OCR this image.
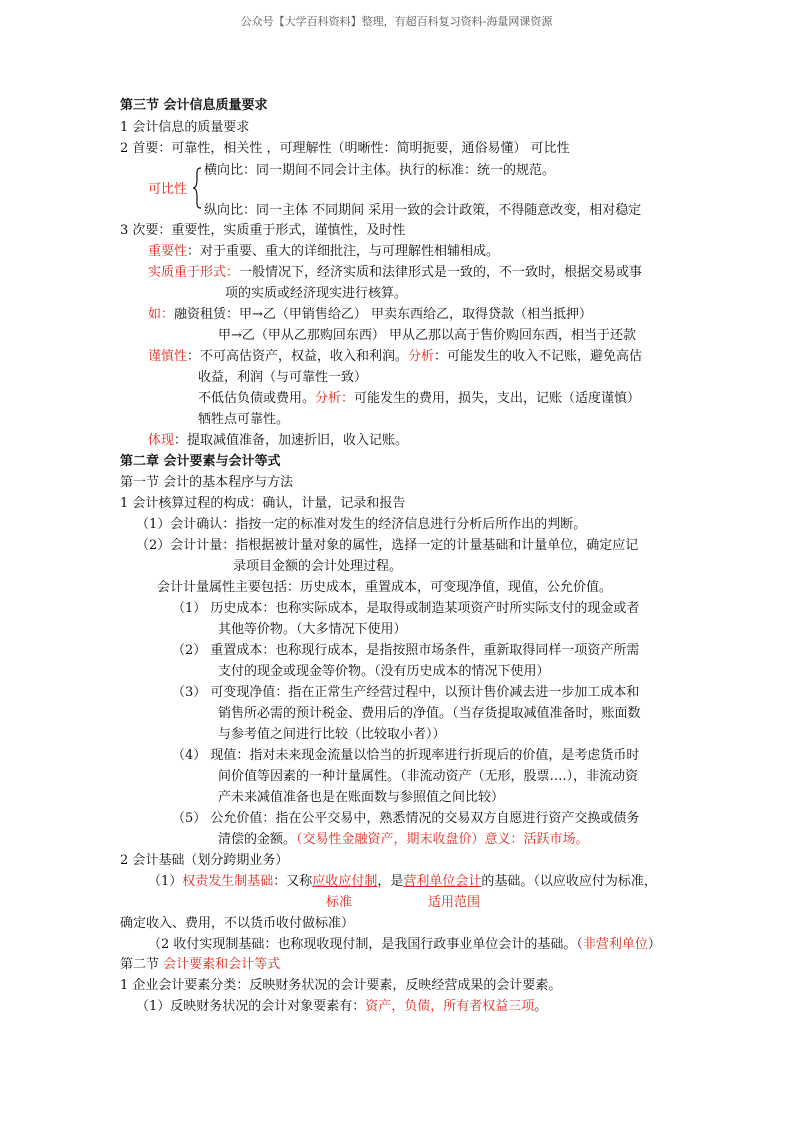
公众号【大学百科资料】整理，有超百科复习资料-海量网课资源
第三节 会计信息质量要求
1 会计信息的质量要求
2 首要：可靠性，相关性 ，可理解性（明晰性：简明扼要，通俗易懂） 可比性
横向比：同一期间不同会计主体。执行的标准：统一的规范。
可比性
纵向比：同一主体 不同期间 采用一致的会计政策，不得随意改变，相对稳定
3 次要：重要性，实质重于形式，谨慎性，及时性
重要性：对于重要、重大的详细批注，与可理解性相辅相成。
实质重于形式：一般情况下，经济实质和法律形式是一致的，不一致时，根据交易或事
项的实质或经济现实进行核算。
如：融资租赁：甲→乙（甲销售给乙） 甲卖东西给乙，取得贷款（相当抵押）
甲→乙（甲从乙那购回东西） 甲从乙那以高于售价购回东西，相当于还款
谨慎性：不可高估资产，权益，收入和利润。分析：可能发生的收入不记账，避免高估
收益，利润（与可靠性一致）
不低估负债或费用。分析：可能发生的费用，损失，支出，记账（适度谨慎）
牺牲点可靠性。
体现：提取减值准备，加速折旧，收入记账。
第二章 会计要素与会计等式
第一节 会计的基本程序与方法
1 会计核算过程的构成：确认，计量，记录和报告
（1）会计确认：指按一定的标准对发生的经济信息进行分析后所作出的判断。
（2）会计计量：指根据被计量对象的属性，选择一定的计量基础和计量单位，确定应记
录项目金额的会计处理过程。
会计计量属性主要包括：历史成本，重置成本，可变现净值，现值，公允价值。
（1） 历史成本：也称实际成本，是取得或制造某项资产时所实际支付的现金或者
其他等价物。（大多情况下使用）
（2） 重置成本：也称现行成本，是指按照市场条件，重新取得同样一项资产所需
支付的现金或现金等价物。（没有历史成本的情况下使用）
（3） 可变现净值：指在正常生产经营过程中，以预计售价减去进一步加工成本和
销售所必需的预计税金、费用后的净值。（当存货提取减值准备时，账面数
与参考值之间进行比较（比较取小者））
（4） 现值：指对未来现金流量以恰当的折现率进行折现后的价值，是考虑货币时
间价值等因素的一种计量属性。（非流动资产（无形，股票….），非流动资
产未来减值准备也是在账面数与参照值之间比较）
（5） 公允价值：指在公平交易中，熟悉情况的交易双方自愿进行资产交换或债务
清偿的金额。（交易性金融资产，期末收盘价）意义：活跃市场。
2 会计基础（划分跨期业务）
（1）权责发生制基础：又称应收应付制，是营利单位会计的基础。（以应收应付为标准，
标准	适用范围
确定收入、费用，不以货币收付做标准）
（2 收付实现制基础：也称现收现付制，是我国行政事业单位会计的基础。（非营利单位）
第二节 会计要素和会计等式
1 企业会计要素分类：反映财务状况的会计要素，反映经营成果的会计要素。
（1）反映财务状况的会计对象要素有：资产，负债，所有者权益三项。
